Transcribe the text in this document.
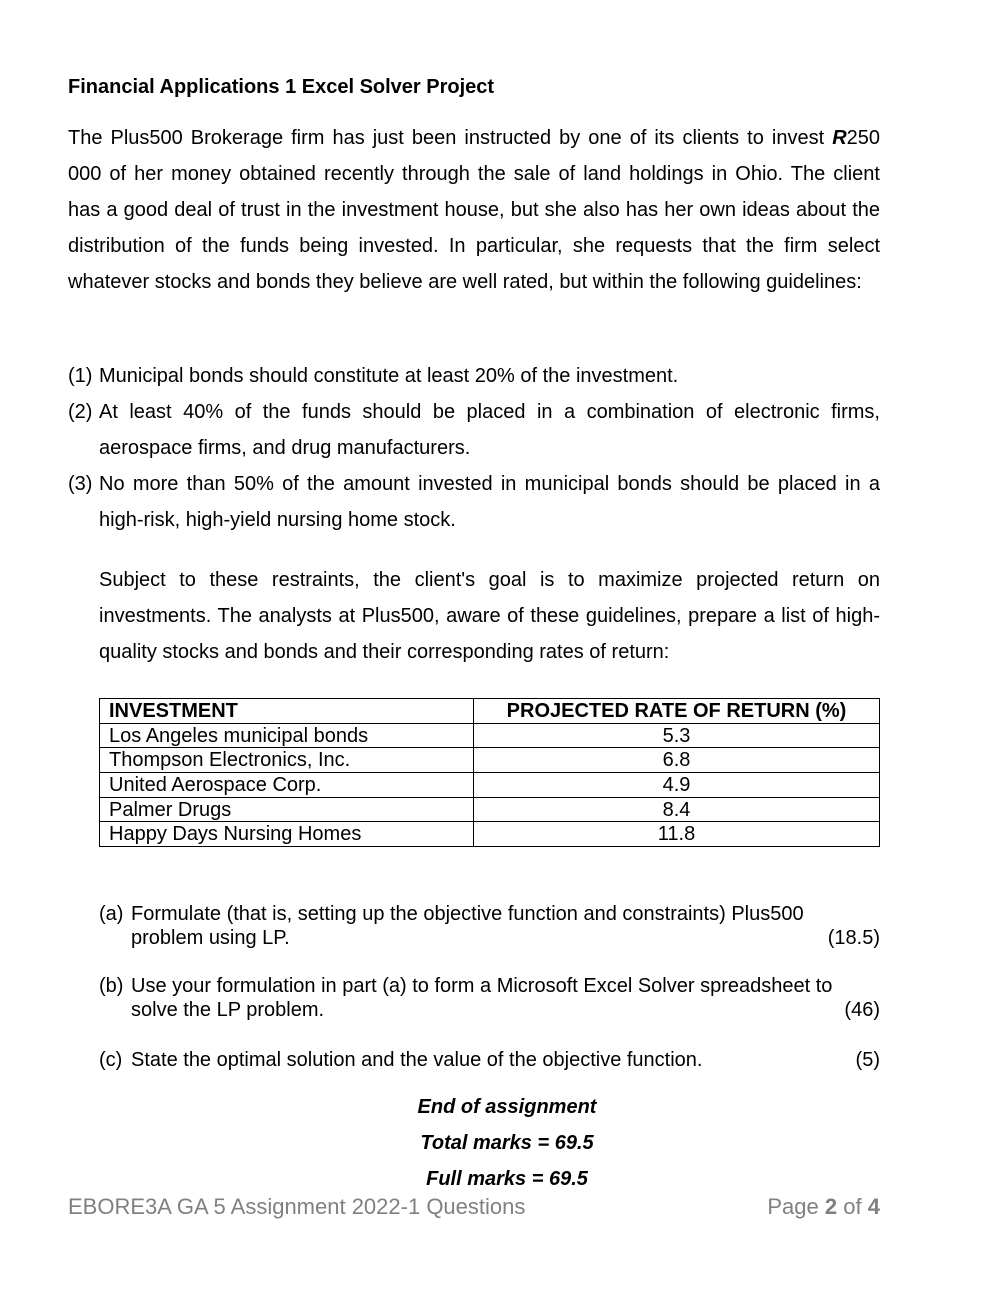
Financial Applications 1 Excel Solver Project
The Plus500 Brokerage firm has just been instructed by one of its clients to invest R250 000 of her money obtained recently through the sale of land holdings in Ohio. The client has a good deal of trust in the investment house, but she also has her own ideas about the distribution of the funds being invested. In particular, she requests that the firm select whatever stocks and bonds they believe are well rated, but within the following guidelines:
(1) Municipal bonds should constitute at least 20% of the investment.
(2) At least 40% of the funds should be placed in a combination of electronic firms, aerospace firms, and drug manufacturers.
(3) No more than 50% of the amount invested in municipal bonds should be placed in a high-risk, high-yield nursing home stock.
Subject to these restraints, the client's goal is to maximize projected return on investments. The analysts at Plus500, aware of these guidelines, prepare a list of high-quality stocks and bonds and their corresponding rates of return:
INVESTMENT	PROJECTED RATE OF RETURN (%)
Los Angeles municipal bonds	5.3
Thompson Electronics, Inc.	6.8
United Aerospace Corp.	4.9
Palmer Drugs	8.4
Happy Days Nursing Homes	11.8
(a) Formulate (that is, setting up the objective function and constraints) Plus500
problem using LP.	(18.5)
(b) Use your formulation in part (a) to form a Microsoft Excel Solver spreadsheet to
solve the LP problem.	(46)
(c) State the optimal solution and the value of the objective function.	(5)
End of assignment
Total marks = 69.5
Full marks = 69.5
EBORE3A GA 5 Assignment 2022-1 Questions	Page 2 of 4
